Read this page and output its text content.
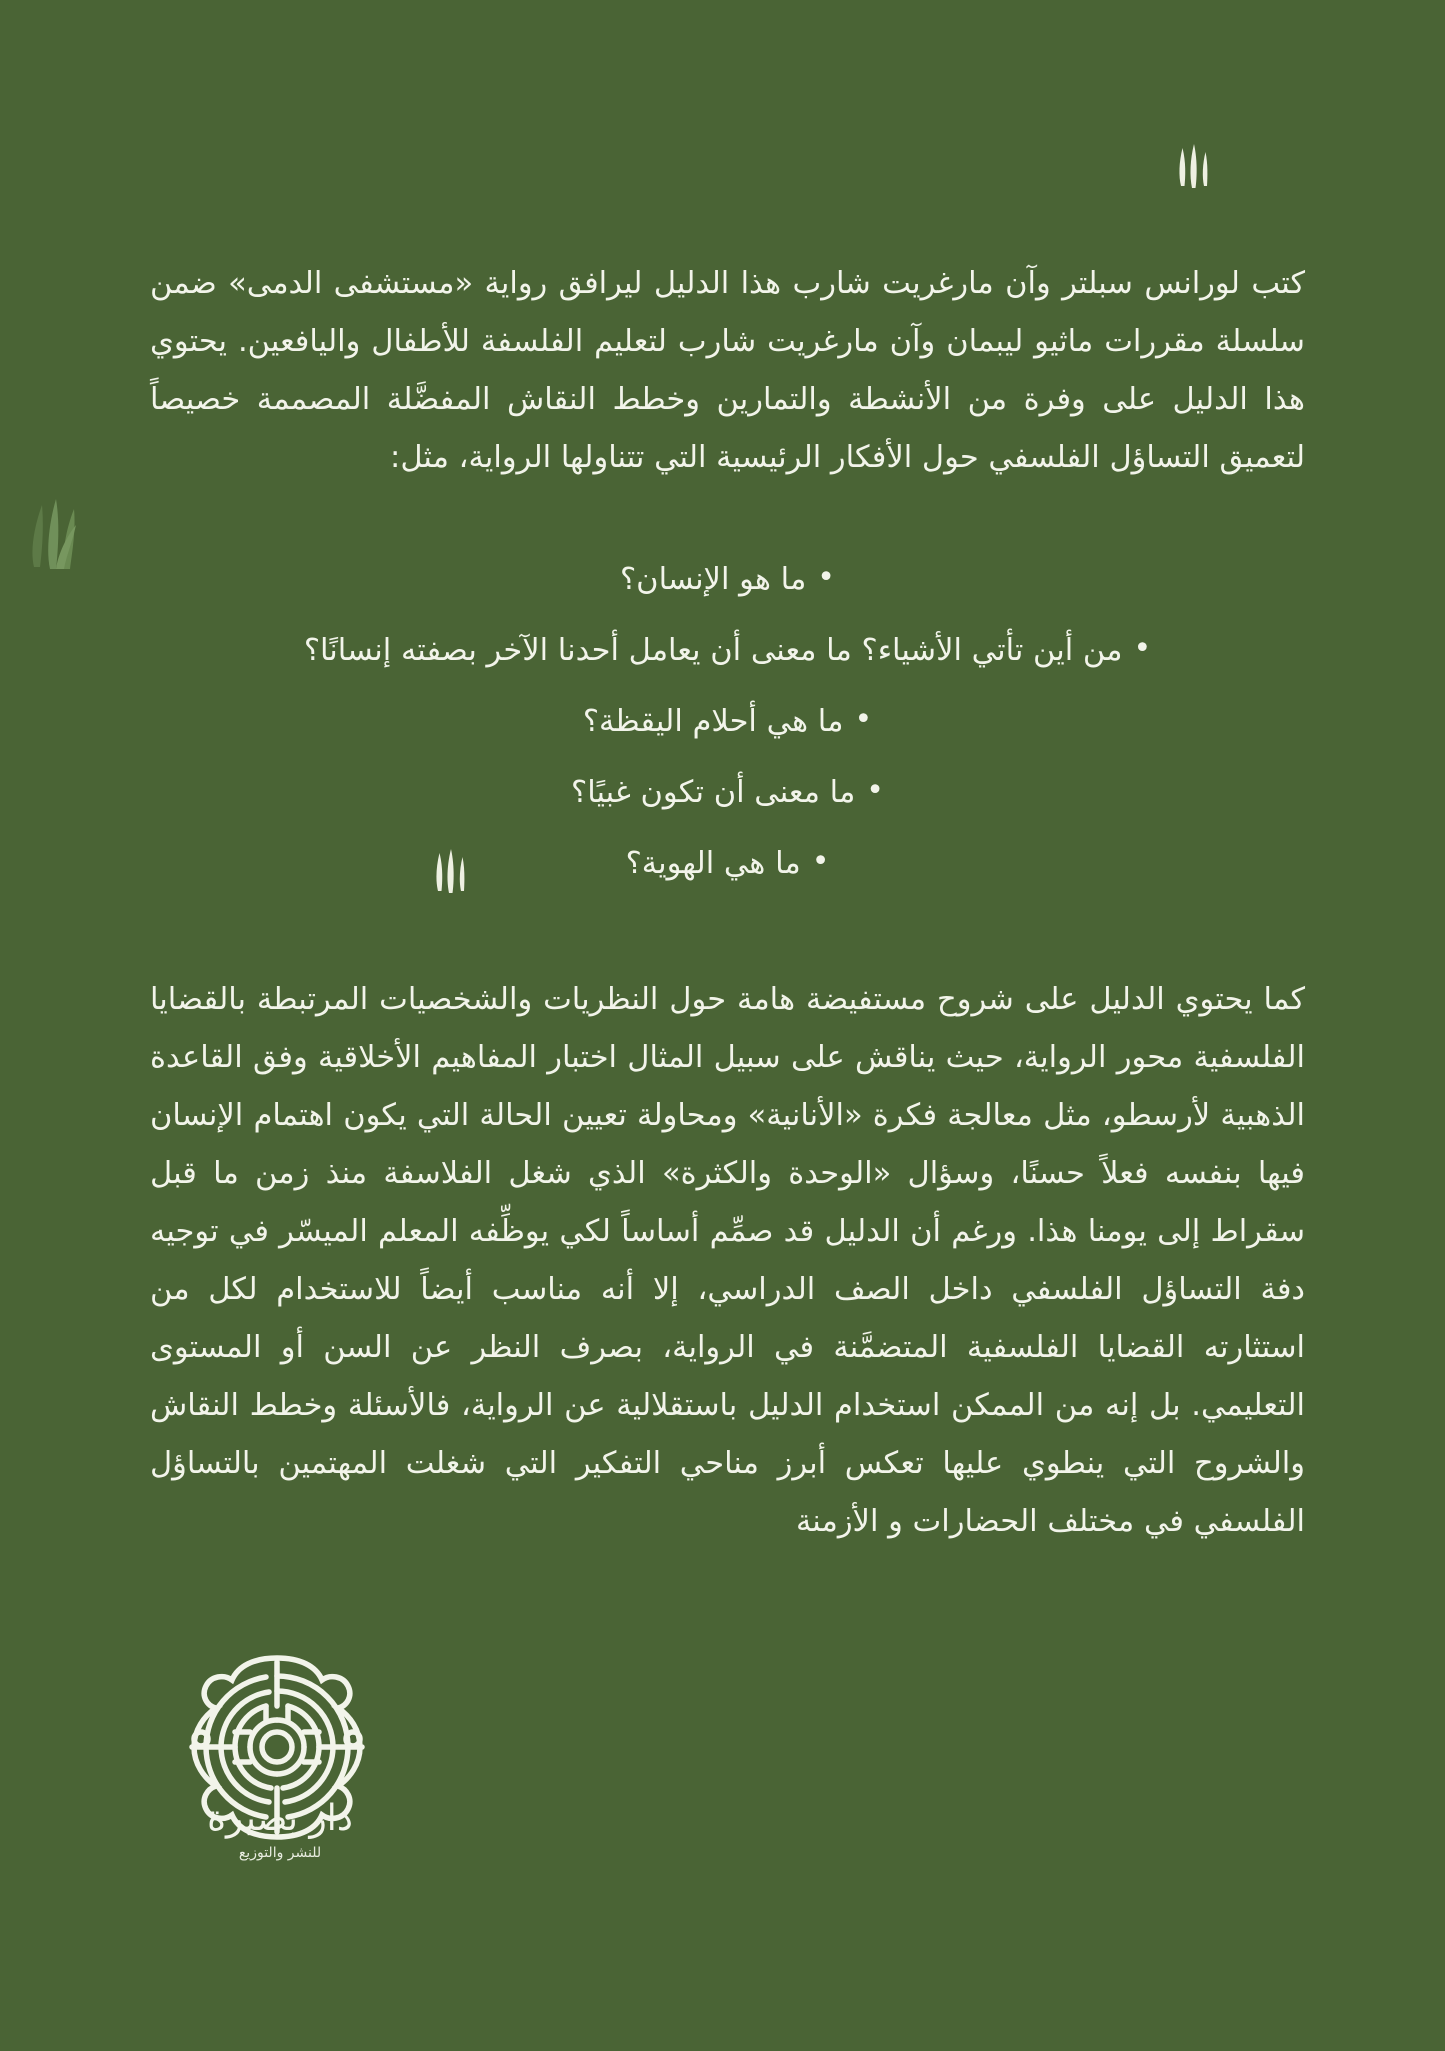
كتب لورانس سبلتر وآن مارغريت شارب هذا الدليل ليرافق رواية «مستشفى الدمى» ضمن سلسلة مقررات ماثيو ليبمان وآن مارغريت شارب لتعليم الفلسفة للأطفال واليافعين. يحتوي هذا الدليل على وفرة من الأنشطة والتمارين وخطط النقاش المفضَّلة المصممة خصيصاً لتعميق التساؤل الفلسفي حول الأفكار الرئيسية التي تتناولها الرواية، مثل:

•ما هو الإنسان؟
•من أين تأتي الأشياء؟ ما معنى أن يعامل أحدنا الآخر بصفته إنسانًا؟
•ما هي أحلام اليقظة؟
•ما معنى أن تكون غبيًا؟
•ما هي الهوية؟

كما يحتوي الدليل على شروح مستفيضة هامة حول النظريات والشخصيات المرتبطة بالقضايا الفلسفية محور الرواية، حيث يناقش على سبيل المثال اختبار المفاهيم الأخلاقية وفق القاعدة الذهبية لأرسطو، مثل معالجة فكرة «الأنانية» ومحاولة تعيين الحالة التي يكون اهتمام الإنسان فيها بنفسه فعلاً حسنًا، وسؤال «الوحدة والكثرة» الذي شغل الفلاسفة منذ زمن ما قبل سقراط إلى يومنا هذا. ورغم أن الدليل قد صمِّم أساساً لكي يوظِّفه المعلم الميسّر في توجيه دفة التساؤل الفلسفي داخل الصف الدراسي، إلا أنه مناسب أيضاً للاستخدام لكل من استثارته القضايا الفلسفية المتضمَّنة في الرواية، بصرف النظر عن السن أو المستوى التعليمي. بل إنه من الممكن استخدام الدليل باستقلالية عن الرواية، فالأسئلة وخطط النقاش والشروح التي ينطوي عليها تعكس أبرز مناحي التفكير التي شغلت المهتمين بالتساؤل الفلسفي في مختلف الحضارات و الأزمنة

دار بصيرة
للنشر والتوزيع
